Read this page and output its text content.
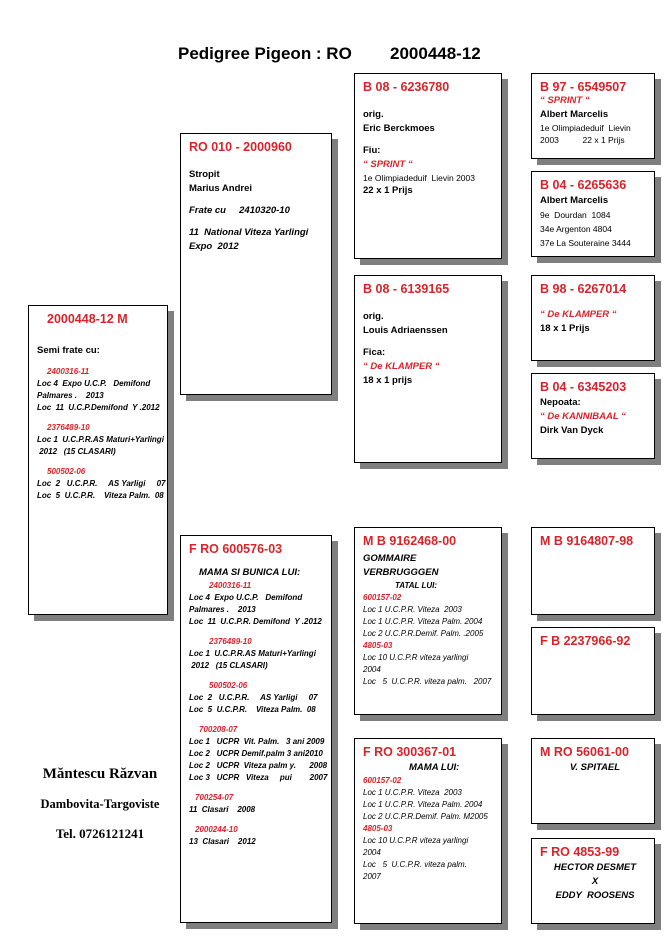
Pedigree Pigeon : RO 2000448-12
2000448-12 M
Semi frate cu:
2400316-11
Loc 4  Expo U.C.P.   Demifond
Palmares .    2013
Loc  11  U.C.P.Demifond  Y .2012
2376489-10
Loc 1  U.C.P.R.AS Maturi+Yarlingi
2012   (15 CLASARI)
500502-06
Loc  2   U.C.P.R.     AS Yarligi     07
Loc  5  U.C.P.R.    Viteza Palm.  08
RO 010 - 2000960
Stropit
Marius Andrei
Frate cu     2410320-10
11  National Viteza Yarlingi
Expo  2012
F RO 600576-03
MAMA SI BUNICA LUI:
2400316-11
Loc 4  Expo U.C.P.   Demifond
Palmares .    2013
Loc  11  U.C.P.R. Demifond  Y .2012
2376489-10
Loc 1  U.C.P.R.AS Maturi+Yarlingi
2012   (15 CLASARI)
500502-06
Loc  2   U.C.P.R.     AS Yarligi     07
Loc  5  U.C.P.R.    Viteza Palm.  08
700208-07
Loc 1   UCPR  Vit. Palm.   3 ani 2009
Loc 2   UCPR Demif.palm 3 ani2010
Loc 2   UCPR  Viteza palm y.      2008
Loc 3   UCPR   Viteza     pui        2007
700254-07
11  Clasari    2008
2000244-10
13  Clasari    2012
B 08 - 6236780
orig.
Eric Berckmoes
Fiu:
“ SPRINT “
1e Olimpiadeduif  Lievin 2003
22 x 1 Prijs
B 08 - 6139165
orig.
Louis Adriaenssen
Fica:
“ De KLAMPER “
18 x 1 prijs
M B 9162468-00
GOMMAIRE
VERBRUGGGEN
TATAL LUI:
600157-02
Loc 1 U.C.P.R. Viteza  2003
Loc 1 U.C.P.R. Viteza Palm. 2004
Loc 2 U.C.P.R.Demif. Palm. .2005
4805-03
Loc 10 U.C.P.R viteza yarlingi
2004
Loc   5  U.C.P.R. viteza palm.   2007
F RO 300367-01
MAMA LUI:
600157-02
Loc 1 U.C.P.R. Viteza  2003
Loc 1 U.C.P.R. Viteza Palm. 2004
Loc 2 U.C.P.R.Demif. Palm. M2005
4805-03
Loc 10 U.C.P.R viteza yarlingi
2004
Loc   5  U.C.P.R. viteza palm.
2007
B 97 - 6549507
“ SPRINT “
Albert Marcelis
1e Olimpiadeduif  Lievin
2003          22 x 1 Prijs
B 04 - 6265636
Albert Marcelis
9e  Dourdan  1084
34e Argenton 4804
37e La Souteraine 3444
B 98 - 6267014
“ De KLAMPER “
18 x 1 Prijs
B 04 - 6345203
Nepoata:
“ De KANNIBAAL “
Dirk Van Dyck
M B 9164807-98
F B 2237966-92
M RO 56061-00
V. SPITAEL
F RO 4853-99
HECTOR DESMET
X
EDDY  ROOSENS
Măntescu Răzvan
Dambovita-Targoviste
Tel. 0726121241
